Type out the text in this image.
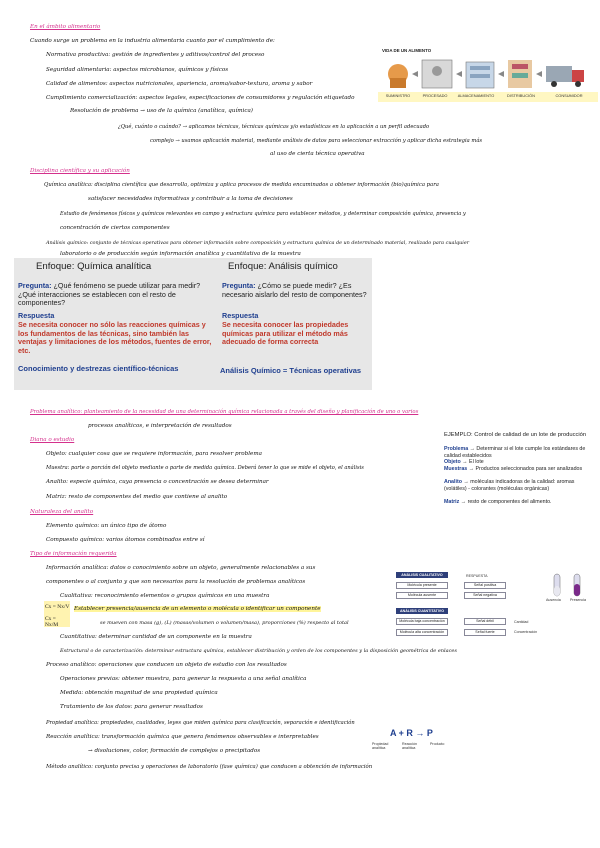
En el ámbito alimentario
Cuando surge un problema en la industria alimentaria cuanto por el cumplimiento de:
Normativa productiva: gestión de ingredientes y aditivos/control del proceso
Seguridad alimentaria: aspectos microbianos, químicos y físicos
Calidad de alimentos: aspectos nutricionales, apariencia, aroma/sabor-textura, aroma y sabor
Cumplimiento comercialización: aspectos legales, especificaciones de consumidores y regulación etiquetado
Resolución de problema → uso de la química (analítica, química)
¿Qué, cuánto o cuándo? → aplicamos técnicas, técnicas químicas y/o estadísticas en la aplicación a un perfil adecuado
complejo → usamos aplicación material, mediante análisis de datos para seleccionar extracción y aplicar dicha estrategia más
al uso de cierta técnica operativa
VIDA DE UN ALIMENTO
SUMINISTRO	PROCESADO	ALMACENAMIENTO	DISTRIBUCIÓN	CONSUMIDOR
Disciplina científica y su aplicación
Química analítica: disciplina científica que desarrolla, optimiza y aplica procesos de medida encaminados a obtener información (bio)química para
satisfacer necesidades informativas y contribuir a la toma de decisiones
Estudio de fenómenos físicos y químicos relevantes en campo y estructura química para establecer métodos, y determinar composición química, presencia y
concentración de ciertos componentes
Análisis químico: conjunto de técnicas operativas para obtener información sobre composición y estructura química de un determinado material, realizado para cualquier
laboratorio o de producción según información analítica y cuantitativa de la muestra
Enfoque: Química analítica	Enfoque: Análisis químico
Pregunta: ¿Qué fenómeno se puede utilizar para medir? ¿Qué interacciones se establecen con el resto de componentes?
Pregunta: ¿Cómo se puede medir? ¿Es necesario aislarlo del resto de componentes?
Respuesta
Se necesita conocer no sólo las reacciones químicas y los fundamentos de las técnicas, sino también las ventajas y limitaciones de los métodos, fuentes de error, etc.
Respuesta
Se necesita conocer las propiedades químicas para utilizar el método más adecuado de forma correcta
Conocimiento y destrezas científico-técnicas	Análisis Químico = Técnicas operativas
Problema analítico: planteamiento de la necesidad de una determinación química relacionada a través del diseño y planificación de uno o varios
procesos analíticos, e interpretación de resultados
Diana o estudio
Objeto: cualquier cosa que se requiere información, para resolver problema
Muestra: parte o porción del objeto mediante o parte de medida química. Deberá tener lo que se mide el objeto, el análisis
Analito: especie química, cuya presencia o concentración se desea determinar
Matriz: resto de componentes del medio que contiene al analito
EJEMPLO: Control de calidad de un lote de producción
Problema → Determinar si el lote cumple los estándares de calidad establecidos
Objeto → El lote
Muestras → Productos seleccionados para ser analizados
Analito → moléculas indicadoras de la calidad: aromas (volátiles) - colorantes (moléculas orgánicas)
Matriz → resto de componentes del alimento.
Naturaleza del analito
Elemento químico: un único tipo de átomo
Compuesto químico: varios átomos combinados entre sí
Tipo de información requerida
Información analítica: datos o conocimiento sobre un objeto, generalmente relacionables a sus
componentes o al conjunto y que son necesarios para la resolución de problemas analíticos
Cualitativa: reconocimiento elementos o grupos químicos en una muestra
Cx = Nx/V
Cx = Nx/M
Establecer presencia/ausencia de un elemento o molécula o identificar un componente
se mueven con masa (g), (L) (masas/volumen o volumen/masa), proporciones (%) respecto al total
Cuantitativa: determinar cantidad de un componente en la muestra
Estructural o de caracterización: determinar estructura química, establecer distribución y orden de los componentes y la disposición geométrica de enlaces
Proceso analítico: operaciones que conducen un objeto de estudio con los resultados
Operaciones previas: obtener muestra, para generar la respuesta a una señal analítica
Medida: obtención magnitud de una propiedad química
Tratamiento de los datos: para generar resultados
Propiedad analítica: propiedades, cualidades, leyes que miden química para clasificación, separación e identificación
Reacción analítica: transformación química que genera fenómenos observables e interpretables
→ disoluciones, color, formación de complejos o precipitados
Método analítico: conjunto precisa y operaciones de laboratorio (fase química) que conducen a obtención de información
ANÁLISIS CUALITATIVO
Molécula presente
Molécula ausente
Señal positiva
Señal negativa
RESPUESTA
ANÁLISIS CUANTITATIVO
Molécula baja concentración
Molécula alta concentración
Señal débil
Señal fuerte
Cantidad
Concentración
Ausencia	Presencia
A + R → P
Propiedad analítica
Reacción analítica
Producto
